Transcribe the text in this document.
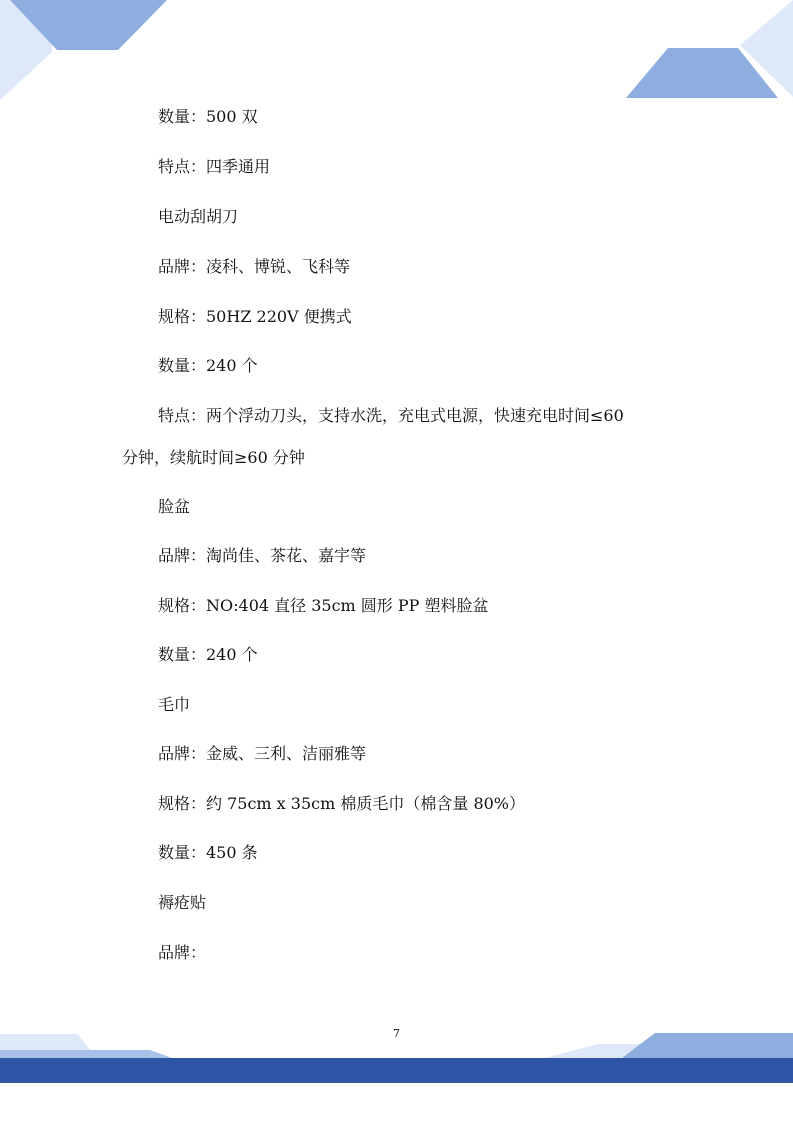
数量：500 双
特点：四季通用
电动刮胡刀
品牌：凌科、博锐、飞科等
规格：50HZ 220V 便携式
数量：240 个
特点：两个浮动刀头，支持水洗，充电式电源，快速充电时间≤60
分钟，续航时间≥60 分钟
脸盆
品牌：淘尚佳、茶花、嘉宇等
规格：NO:404 直径 35cm 圆形 PP 塑料脸盆
数量：240 个
毛巾
品牌：金威、三利、洁丽雅等
规格：约 75cm x 35cm 棉质毛巾（棉含量 80%）
数量：450 条
褥疮贴
品牌：
7
